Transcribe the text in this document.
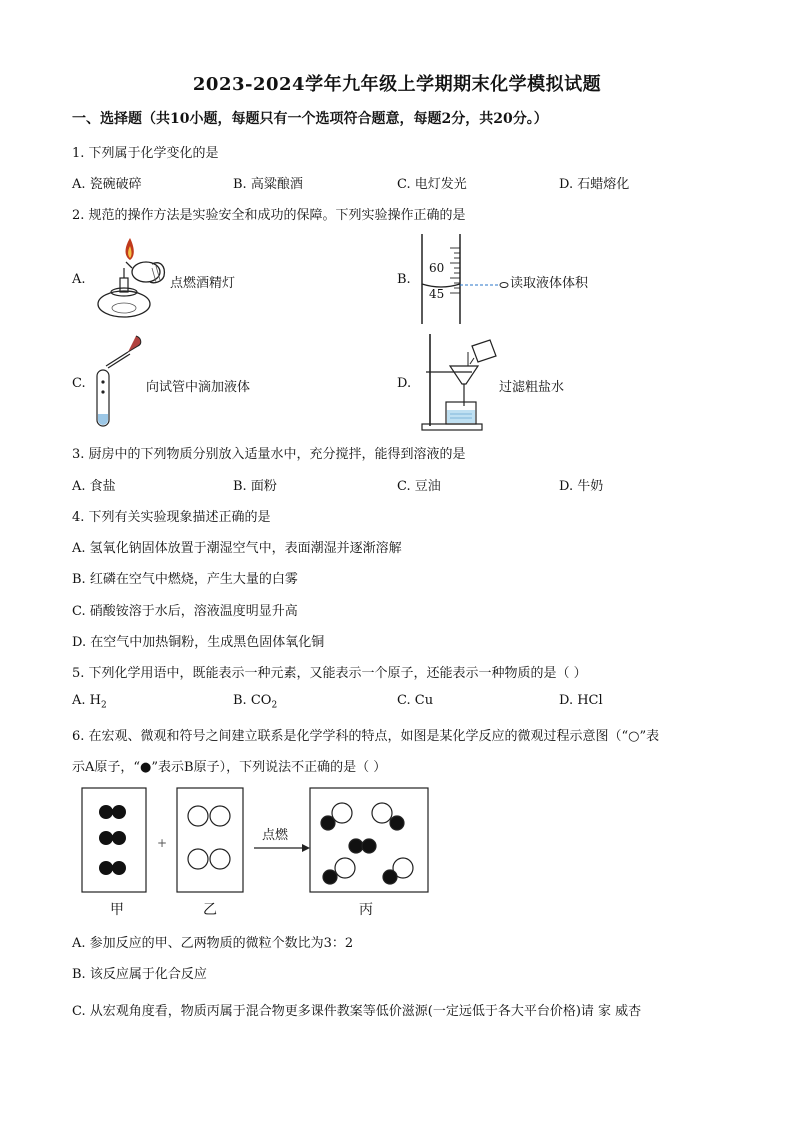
2023-2024学年九年级上学期期末化学模拟试题
一、选择题（共10小题，每题只有一个选项符合题意，每题2分，共20分。）
1. 下列属于化学变化的是
A. 瓷碗破碎	B. 高粱酿酒	C. 电灯发光	D. 石蜡熔化
2. 规范的操作方法是实验安全和成功的保障。下列实验操作正确的是
A.	点燃酒精灯	B.
60
45
读取液体体积
C.	向试管中滴加液体	D.	过滤粗盐水
3. 厨房中的下列物质分别放入适量水中，充分搅拌，能得到溶液的是
A. 食盐	B. 面粉	C. 豆油	D. 牛奶
4. 下列有关实验现象描述正确的是
A. 氢氧化钠固体放置于潮湿空气中，表面潮湿并逐渐溶解
B. 红磷在空气中燃烧，产生大量的白雾
C. 硝酸铵溶于水后，溶液温度明显升高
D. 在空气中加热铜粉，生成黑色固体氧化铜
5. 下列化学用语中，既能表示一种元素，又能表示一个原子，还能表示一种物质的是（ ）
A. $H_2$	B. $CO_2$	C. Cu	D. HCl
6. 在宏观、微观和符号之间建立联系是化学学科的特点，如图是某化学反应的微观过程示意图（“○”表
示A原子，“●”表示B原子），下列说法不正确的是（ ）
+	点燃
甲	乙	丙
A. 参加反应的甲、乙两物质的微粒个数比为3：2
B. 该反应属于化合反应
C. 从宏观角度看，物质丙属于混合物更多课件教案等低价滋源(一定远低于各大平台价格)请 家 威杏
